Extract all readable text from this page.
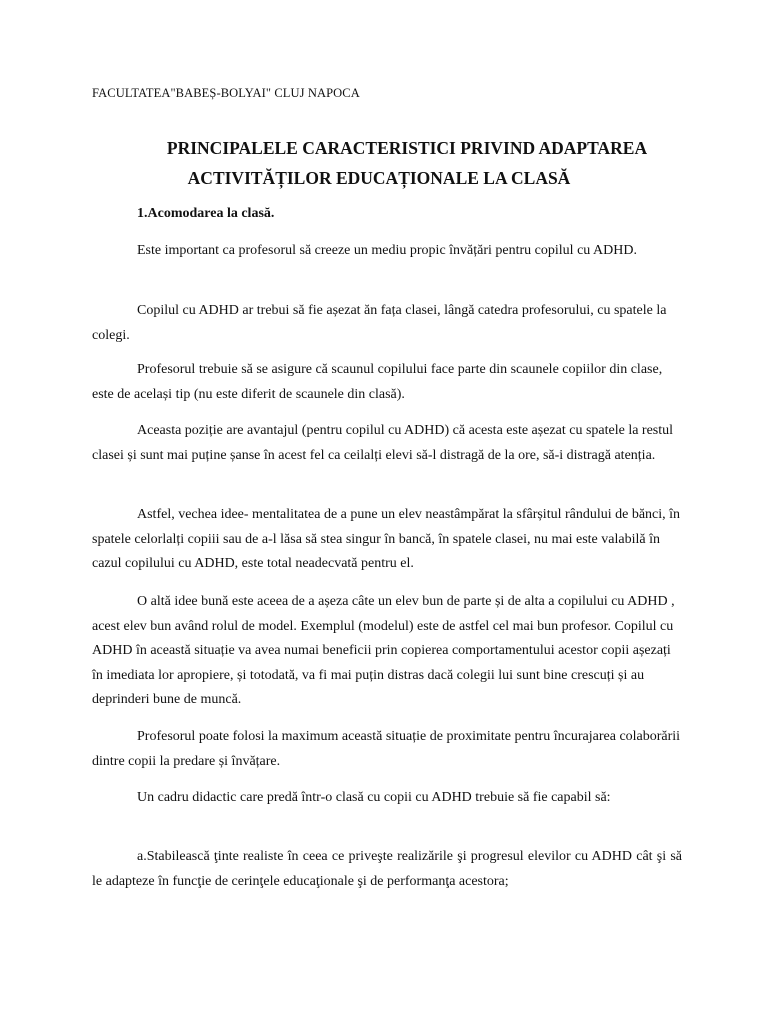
FACULTATEA"BABEȘ-BOLYAI" CLUJ NAPOCA

PRINCIPALELE CARACTERISTICI PRIVIND ADAPTAREA

ACTIVITĂȚILOR EDUCAȚIONALE LA CLASĂ

1.Acomodarea la clasă.

Este important ca profesorul să creeze un mediu propic învățări pentru copilul cu ADHD.

Copilul cu ADHD ar trebui să fie așezat ăn fața clasei, lângă catedra profesorului, cu spatele la colegi.

Profesorul trebuie să se asigure că scaunul copilului face parte din scaunele copiilor din clase, este de același tip (nu este diferit de scaunele din clasă).

Aceasta poziție are avantajul (pentru copilul cu ADHD) că acesta este așezat cu spatele la restul clasei și sunt mai puține șanse în acest fel ca ceilalți elevi să-l distragă de la ore, să-i distragă atenția.

Astfel, vechea idee- mentalitatea de a pune un elev neastâmpărat la sfârșitul rândului de bănci, în spatele celorlalți copiii sau de a-l lăsa să stea singur în bancă, în spatele clasei, nu mai este valabilă în cazul copilului cu ADHD, este total neadecvată pentru el.

O altă idee bună este aceea de a așeza câte un elev bun de parte și de alta a copilului cu ADHD , acest elev bun având rolul de model. Exemplul (modelul) este de astfel cel mai bun profesor. Copilul cu ADHD în această situație va avea numai beneficii prin copierea comportamentului acestor copii așezați în imediata lor apropiere, și totodată, va fi mai puțin distras dacă colegii lui sunt bine crescuți și au deprinderi bune de muncă.

Profesorul poate folosi la maximum această situație de proximitate pentru încurajarea colaborării dintre copii la predare și învățare.

Un cadru didactic care predă într-o clasă cu copii cu ADHD trebuie să fie capabil să:

a.Stabilească ţinte realiste în ceea ce priveşte realizările şi progresul elevilor cu ADHD cât şi să le adapteze în funcţie de cerinţele educaţionale şi de performanţa acestora;
